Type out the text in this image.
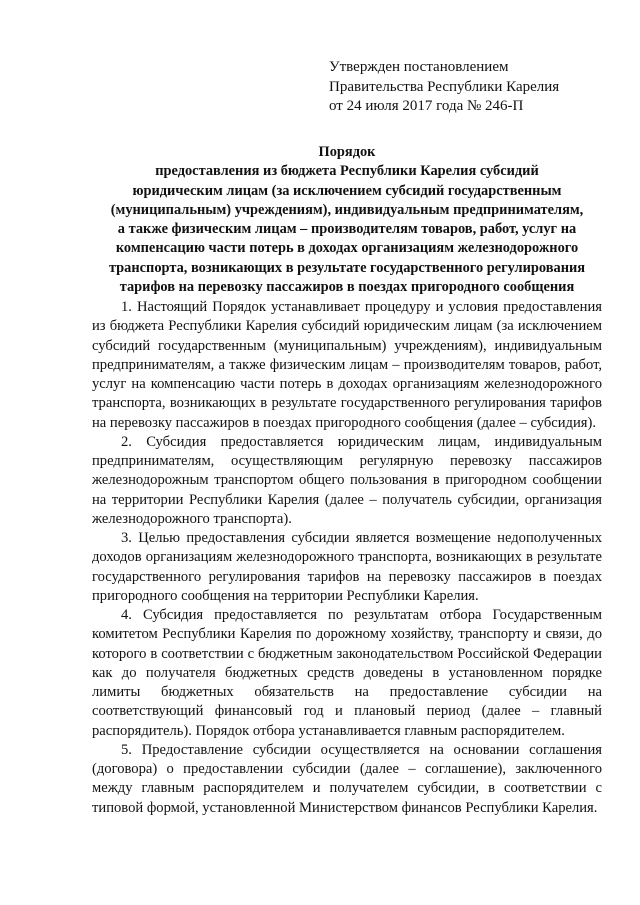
Утвержден постановлением
Правительства Республики Карелия
от 24 июля 2017 года № 246-П
Порядок
предоставления из бюджета Республики Карелия субсидий
юридическим лицам (за исключением субсидий государственным
(муниципальным) учреждениям), индивидуальным предпринимателям,
а также физическим лицам – производителям товаров, работ, услуг на
компенсацию части потерь в доходах организациям железнодорожного
транспорта, возникающих в результате государственного регулирования
тарифов на перевозку пассажиров в поездах пригородного сообщения

1. Настоящий Порядок устанавливает процедуру и условия предоставления из бюджета Республики Карелия субсидий юридическим лицам (за исключением субсидий государственным (муниципальным) учреждениям), индивидуальным предпринимателям, а также физическим лицам – производителям товаров, работ, услуг на компенсацию части потерь в доходах организациям железнодорожного транспорта, возникающих в результате государственного регулирования тарифов на перевозку пассажиров в поездах пригородного сообщения (далее – субсидия).

2. Субсидия предоставляется юридическим лицам, индивидуальным предпринимателям, осуществляющим регулярную перевозку пассажиров железнодорожным транспортом общего пользования в пригородном сообщении на территории Республики Карелия (далее – получатель субсидии, организация железнодорожного транспорта).

3. Целью предоставления субсидии является возмещение недополученных доходов организациям железнодорожного транспорта, возникающих в результате государственного регулирования тарифов на перевозку пассажиров в поездах пригородного сообщения на территории Республики Карелия.

4. Субсидия предоставляется по результатам отбора Государственным комитетом Республики Карелия по дорожному хозяйству, транспорту и связи, до которого в соответствии с бюджетным законодательством Российской Федерации как до получателя бюджетных средств доведены в установленном порядке лимиты бюджетных обязательств на предоставление субсидии на соответствующий финансовый год и плановый период (далее – главный распорядитель). Порядок отбора устанавливается главным распорядителем.

5. Предоставление субсидии осуществляется на основании соглашения (договора) о предоставлении субсидии (далее – соглашение), заключенного между главным распорядителем и получателем субсидии, в соответствии с типовой формой, установленной Министерством финансов Республики Карелия.
